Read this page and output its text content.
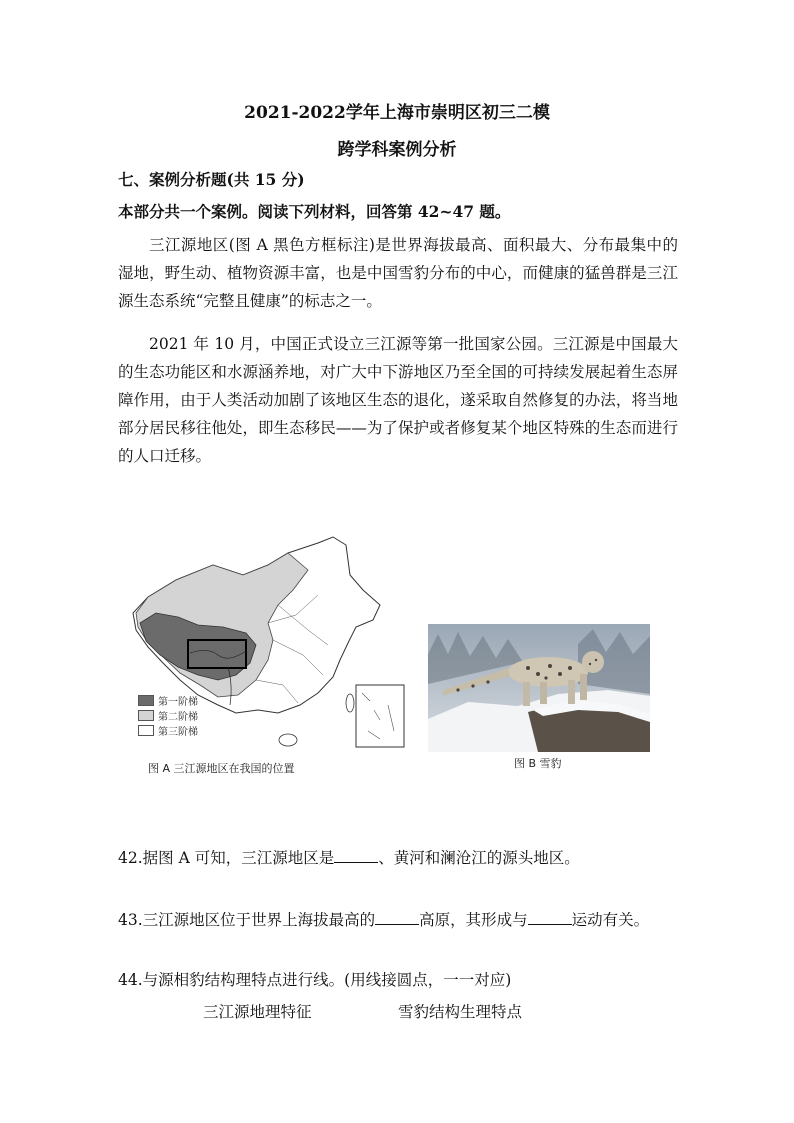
2021-2022学年上海市崇明区初三二模
跨学科案例分析
七、案例分析题(共 15 分)
本部分共一个案例。阅读下列材料，回答第 42~47 题。
三江源地区(图 A 黑色方框标注)是世界海拔最高、面积最大、分布最集中的湿地，野生动、植物资源丰富，也是中国雪豹分布的中心，而健康的猛兽群是三江源生态系统“完整且健康”的标志之一。
2021 年 10 月，中国正式设立三江源等第一批国家公园。三江源是中国最大的生态功能区和水源涵养地，对广大中下游地区乃至全国的可持续发展起着生态屏障作用，由于人类活动加剧了该地区生态的退化，遂采取自然修复的办法，将当地部分居民移往他处，即生态移民——为了保护或者修复某个地区特殊的生态而进行的人口迁移。
第一阶梯
第二阶梯
第三阶梯
图 A 三江源地区在我国的位置	图 B 雪豹
42.据图 A 可知，三江源地区是	、黄河和澜沧江的源头地区。
43.三江源地区位于世界上海拔最高的	高原，其形成与	运动有关。
44.与源相豹结构理特点进行线。(用线接圆点，一一对应)
三江源地理特征	雪豹结构生理特点
